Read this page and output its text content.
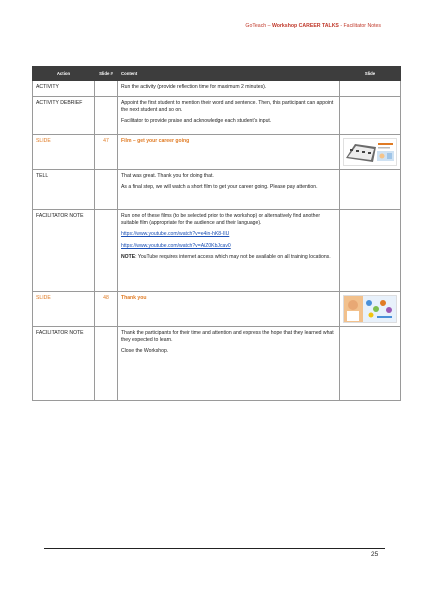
GoTeach – Workshop CAREER TALKS - Facilitator Notes
Action	Slide #	Content	Slide
ACTIVITY		Run the activity (provide reflection time for maximum 2 minutes).	

ACTIVITY DEBRIEF		Appoint the first student to mention their word and sentence. Then, this participant can appoint the next student and so on.

Facilitator to provide praise and acknowledge each student’s input.	

SLIDE	47	Film – get your career going	

TELL		That was great. Thank you for doing that.

As a final step, we will watch a short film to get your career going. Please pay attention.	

FACILITATOR NOTE		Run one of these films (to be selected prior to the workshop) or alternatively find another suitable film (appropriate for the audience and their language).

https://www.youtube.com/watch?v=e4in-hK8-IIU

https://www.youtube.com/watch?v=AiZ0KbJcav0

NOTE: YouTube requires internet access which may not be available on all training locations.	

SLIDE	48	Thank you	

FACILITATOR NOTE		Thank the participants for their time and attention and express the hope that they learned what they expected to learn.

Close the Workshop.	

25
